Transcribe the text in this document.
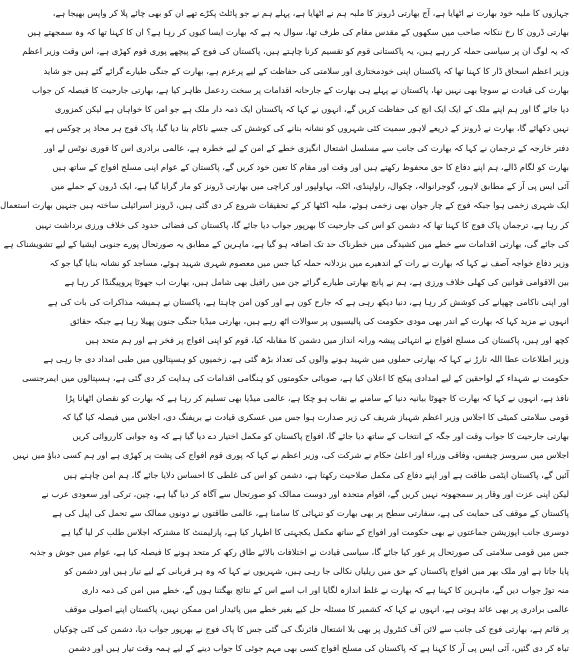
جہازوں کا ملبہ خود بھارت نے اٹھایا ہے، آج بھارتی ڈرونز کا ملبہ ہم نے اٹھایا ہے، پہلے ہم نے جو پائلٹ پکڑے تھے ان کو بھی چائے پلا کر واپس بھیجا ہے،
بھارتی ڈرون کا رخ ننکانہ صاحب میں سکھوں کے مقدس مقام کی طرف تھا، سوال یہ ہے کہ بھارت ایسا کیوں کر رہا ہے؟ ان کا کہنا تھا کہ وہ سمجھتے ہیں
کہ یہ لوگ ان پر سیاسی حملہ کر رہے ہیں، یہ پاکستانی قوم کو تقسیم کرنا چاہتے ہیں، پاکستان کی فوج کے پیچھے پوری قوم کھڑی ہے، اس وقت وزیر اعظم
وزیر اعظم اسحاق ڈار کا کہنا تھا کہ پاکستان اپنی خودمختاری اور سلامتی کی حفاظت کے لیے پرعزم ہے، بھارت کے جنگی طیارے گرائے گئے ہیں جو شاید
بھارت کی قیادت نے سوچا بھی نہیں تھا، پاکستان نے پہلے ہی بھارت کے جارحانہ اقدامات پر سخت ردعمل ظاہر کیا ہے، بھارتی جارحیت کا فیصلہ کن جواب
دیا جائے گا اور ہم اپنے ملک کے ایک ایک انچ کی حفاظت کریں گے، انہوں نے کہا کہ پاکستان ایک ذمہ دار ملک ہے جو امن کا خواہاں ہے لیکن کمزوری
نہیں دکھائے گا، بھارت نے ڈرونز کے ذریعے لاہور سمیت کئی شہروں کو نشانہ بنانے کی کوشش کی جسے ناکام بنا دیا گیا، پاک فوج ہر محاذ پر چوکس ہے
دفتر خارجہ کے ترجمان نے کہا کہ بھارت کی جانب سے مسلسل اشتعال انگیزی خطے کے امن کے لیے خطرہ ہے، عالمی برادری اس کا فوری نوٹس لے اور
بھارت کو لگام ڈالے، ہم اپنے دفاع کا حق محفوظ رکھتے ہیں اور وقت اور مقام کا تعین خود کریں گے، پاکستان کے عوام اپنی مسلح افواج کے ساتھ ہیں
آئی ایس پی آر کے مطابق لاہور، گوجرانوالہ، چکوال، راولپنڈی، اٹک، بہاولپور اور کراچی میں بھارتی ڈرونز کو مار گرایا گیا ہے، ایک ڈرون کے حملے میں
ایک شہری زخمی ہوا جبکہ فوج کے چار جوان بھی زخمی ہوئے، ملبہ اکٹھا کر کے تحقیقات شروع کر دی گئی ہیں، ڈرونز اسرائیلی ساختہ ہیں جنہیں بھارت استعمال
کر رہا ہے، ترجمان پاک فوج کا کہنا تھا کہ دشمن کو اس کی جارحیت کا بھرپور جواب دیا جائے گا، پاکستان کی فضائی حدود کی خلاف ورزی برداشت نہیں
کی جائے گی، بھارتی اقدامات سے خطے میں کشیدگی میں خطرناک حد تک اضافہ ہو گیا ہے، ماہرین کے مطابق یہ صورتحال پورے جنوبی ایشیا کے لیے تشویشناک ہے
وزیر دفاع خواجہ آصف نے کہا کہ بھارت نے رات کے اندھیرے میں بزدلانہ حملہ کیا جس میں معصوم شہری شہید ہوئے، مساجد کو نشانہ بنایا گیا جو کہ
بین الاقوامی قوانین کی کھلی خلاف ورزی ہے، ہم نے پانچ بھارتی طیارے گرائے جن میں رافیل بھی شامل ہیں، بھارت اب جھوٹا پروپیگنڈا کر رہا ہے
اور اپنی ناکامی چھپانے کی کوشش کر رہا ہے، دنیا دیکھ رہی ہے کہ جارح کون ہے اور کون امن چاہتا ہے، پاکستان نے ہمیشہ مذاکرات کی بات کی ہے
انہوں نے مزید کہا کہ بھارت کے اندر بھی مودی حکومت کی پالیسیوں پر سوالات اٹھ رہے ہیں، بھارتی میڈیا جنگی جنون پھیلا رہا ہے جبکہ حقائق
کچھ اور ہیں، پاکستان کی مسلح افواج نے انتہائی پیشہ ورانہ انداز میں دشمن کا مقابلہ کیا، قوم کو اپنی افواج پر فخر ہے اور ہم متحد ہیں
وزیر اطلاعات عطا اللہ تارڑ نے کہا کہ بھارتی حملوں میں شہید ہونے والوں کی تعداد بڑھ گئی ہے، زخمیوں کو ہسپتالوں میں طبی امداد دی جا رہی ہے
حکومت نے شہداء کے لواحقین کے لیے امدادی پیکج کا اعلان کیا ہے، صوبائی حکومتوں کو ہنگامی اقدامات کی ہدایت کر دی گئی ہے، ہسپتالوں میں ایمرجنسی
نافذ ہے، انہوں نے کہا کہ بھارت کا جھوٹا بیانیہ دنیا کے سامنے بے نقاب ہو چکا ہے، عالمی میڈیا بھی تسلیم کر رہا ہے کہ بھارت کو نقصان اٹھانا پڑا
قومی سلامتی کمیٹی کا اجلاس وزیر اعظم شہباز شریف کی زیر صدارت ہوا جس میں عسکری قیادت نے بریفنگ دی، اجلاس میں فیصلہ کیا گیا کہ
بھارتی جارحیت کا جواب وقت اور جگہ کے انتخاب کے ساتھ دیا جائے گا، افواج پاکستان کو مکمل اختیار دے دیا گیا ہے کہ وہ جوابی کارروائی کریں
اجلاس میں سروسز چیفس، وفاقی وزراء اور اعلیٰ حکام نے شرکت کی، وزیر اعظم نے کہا کہ پوری قوم افواج کی پشت پر کھڑی ہے اور ہم کسی دباؤ میں نہیں
آئیں گے، پاکستان ایٹمی طاقت ہے اور اپنے دفاع کی مکمل صلاحیت رکھتا ہے، دشمن کو اس کی غلطی کا احساس دلایا جائے گا، ہم امن چاہتے ہیں
لیکن اپنی عزت اور وقار پر سمجھوتہ نہیں کریں گے، اقوام متحدہ اور دوست ممالک کو صورتحال سے آگاہ کر دیا گیا ہے، چین، ترکی اور سعودی عرب نے
پاکستان کے موقف کی حمایت کی ہے، سفارتی سطح پر بھی بھارت کو تنہائی کا سامنا ہے، عالمی طاقتوں نے دونوں ممالک سے تحمل کی اپیل کی ہے
دوسری جانب اپوزیشن جماعتوں نے بھی حکومت اور افواج کے ساتھ مکمل یکجہتی کا اظہار کیا ہے، پارلیمنٹ کا مشترکہ اجلاس طلب کر لیا گیا ہے
جس میں قومی سلامتی کی صورتحال پر غور کیا جائے گا، سیاسی قیادت نے اختلافات بالائے طاق رکھ کر متحد ہونے کا فیصلہ کیا ہے، عوام میں جوش و جذبہ
پایا جاتا ہے اور ملک بھر میں افواج پاکستان کے حق میں ریلیاں نکالی جا رہی ہیں، شہریوں نے کہا کہ وہ ہر قربانی کے لیے تیار ہیں اور دشمن کو
منہ توڑ جواب دیں گے، ماہرین کا کہنا ہے کہ بھارت نے غلط اندازہ لگایا اور اب اسے اس کے نتائج بھگتنا ہوں گے، خطے میں امن کی ذمہ داری
عالمی برادری پر بھی عائد ہوتی ہے، انہوں نے کہا کہ کشمیر کا مسئلہ حل کیے بغیر خطے میں پائیدار امن ممکن نہیں، پاکستان اپنے اصولی موقف
پر قائم ہے، بھارتی فوج کی جانب سے لائن آف کنٹرول پر بھی بلا اشتعال فائرنگ کی گئی جس کا پاک فوج نے بھرپور جواب دیا، دشمن کی کئی چوکیاں
تباہ کر دی گئیں، آئی ایس پی آر کا کہنا ہے کہ پاکستان کی مسلح افواج کسی بھی مہم جوئی کا جواب دینے کے لیے ہمہ وقت تیار ہیں اور دشمن
